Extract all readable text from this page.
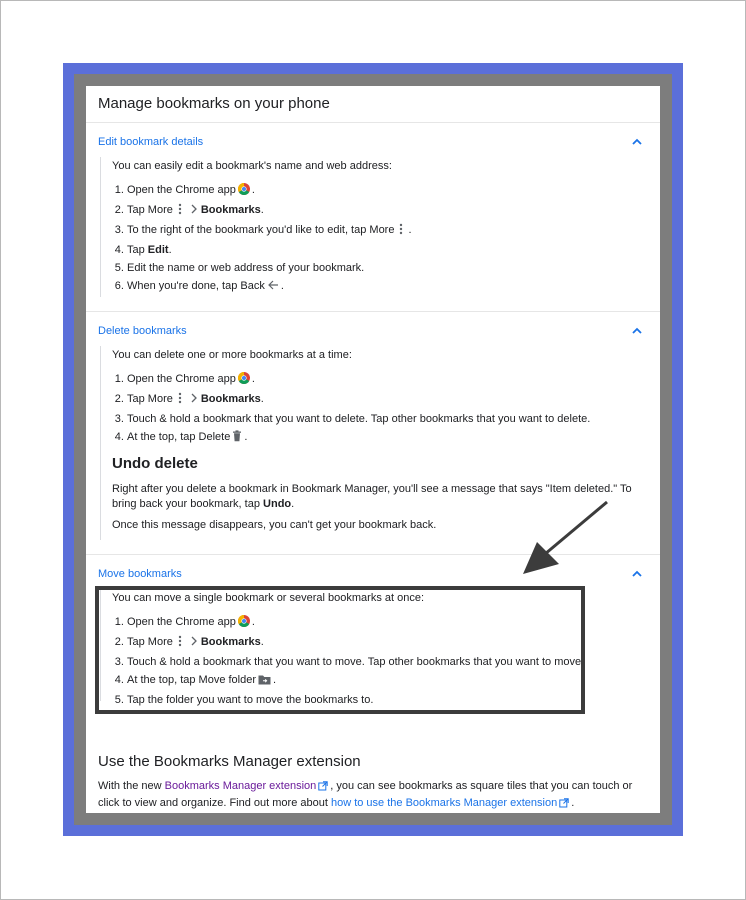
Manage bookmarks on your phone
Edit bookmark details

You can easily edit a bookmark's name and web address:

1. Open the Chrome app .
2. Tap More	Bookmarks.
3. To the right of the bookmark you'd like to edit, tap More .
4. Tap Edit.
5. Edit the name or web address of your bookmark.
6. When you're done, tap Back .
Delete bookmarks

You can delete one or more bookmarks at a time:

1. Open the Chrome app .
2. Tap More	Bookmarks.
3. Touch & hold a bookmark that you want to delete. Tap other bookmarks that you want to delete.
4. At the top, tap Delete .
Undo delete

Right after you delete a bookmark in Bookmark Manager, you'll see a message that says "Item deleted." To bring back your bookmark, tap Undo.

Once this message disappears, you can't get your bookmark back.

Move bookmarks

You can move a single bookmark or several bookmarks at once:

1. Open the Chrome app .
2. Tap More	Bookmarks.
3. Touch & hold a bookmark that you want to move. Tap other bookmarks that you want to move.
4. At the top, tap Move folder .
5. Tap the folder you want to move the bookmarks to.
Use the Bookmarks Manager extension
With the new Bookmarks Manager extension , you can see bookmarks as square tiles that you can touch or click to view and organize. Find out more about how to use the Bookmarks Manager extension .
